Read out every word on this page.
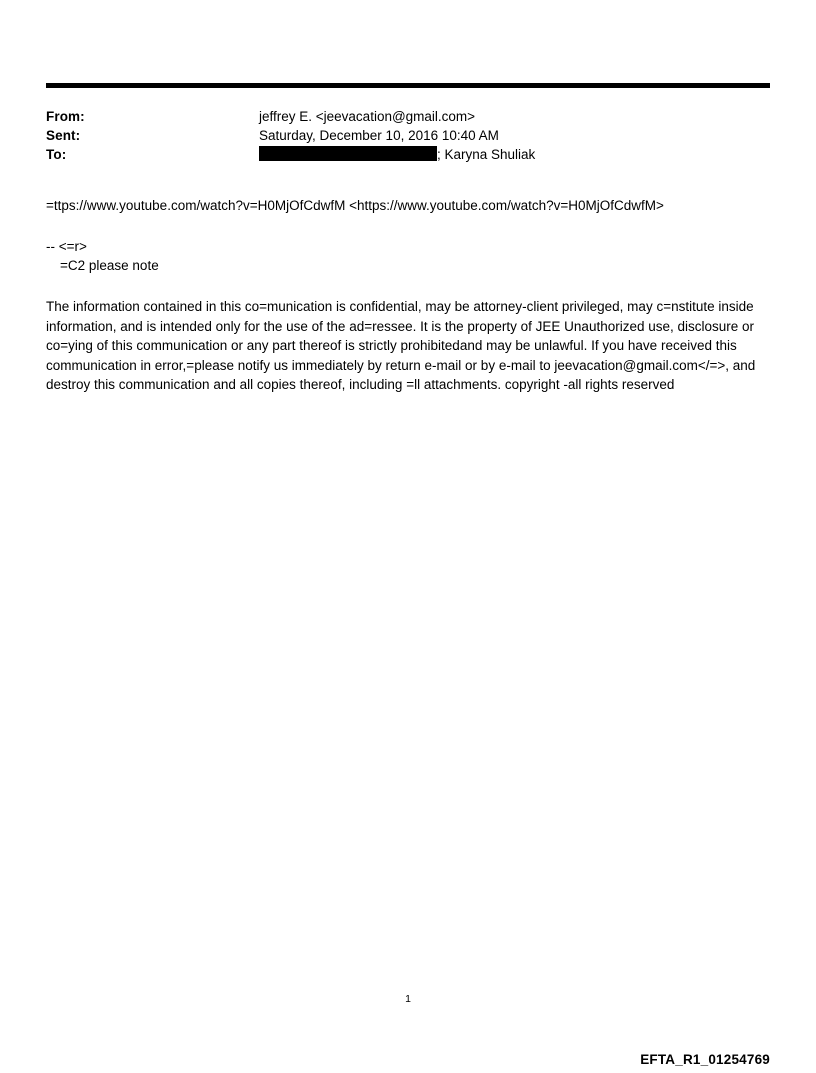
From:	jeffrey E. <jeevacation@gmail.com>
Sent:	Saturday, December 10, 2016 10:40 AM
To:	; Karyna Shuliak

=ttps://www.youtube.com/watch?v=H0MjOfCdwfM <https://www.youtube.com/watch?v=H0MjOfCdwfM>

-- <=r>

=C2 please note

The information contained in this co=munication is confidential, may be attorney-client privileged, may c=nstitute inside information, and is intended only for the use of the ad=ressee. It is the property of JEE Unauthorized use, disclosure or co=ying of this communication or any part thereof is strictly prohibitedand may be unlawful. If you have received this communication in error,=please notify us immediately by return e-mail or by e-mail to jeevacation@gmail.com</=>, and destroy this communication and all copies thereof, including =ll attachments. copyright -all rights reserved

1
EFTA_R1_01254769
